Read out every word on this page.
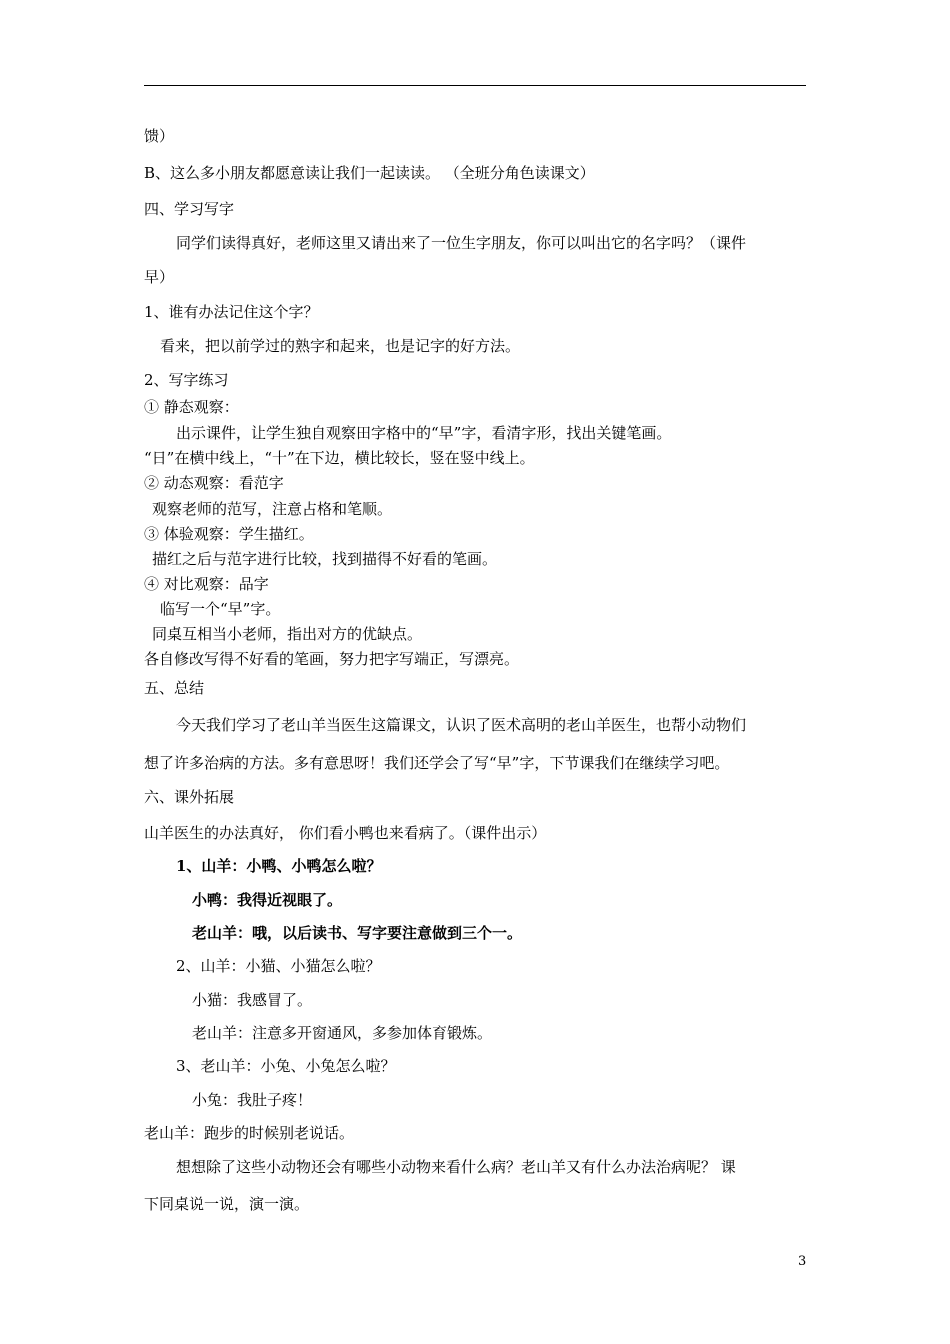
馈）
B、这么多小朋友都愿意读让我们一起读读。 （全班分角色读课文）
四、学习写字
同学们读得真好，老师这里又请出来了一位生字朋友，你可以叫出它的名字吗？（课件
早）
1、谁有办法记住这个字？
看来，把以前学过的熟字和起来，也是记字的好方法。
2、写字练习
① 静态观察：
出示课件，让学生独自观察田字格中的“早”字，看清字形，找出关键笔画。
“日”在横中线上，“十”在下边，横比较长，竖在竖中线上。
② 动态观察：看范字
观察老师的范写，注意占格和笔顺。
③ 体验观察：学生描红。
描红之后与范字进行比较，找到描得不好看的笔画。
④ 对比观察：品字
临写一个“早”字。
同桌互相当小老师，指出对方的优缺点。
各自修改写得不好看的笔画，努力把字写端正，写漂亮。
五、总结
今天我们学习了老山羊当医生这篇课文，认识了医术高明的老山羊医生，也帮小动物们
想了许多治病的方法。多有意思呀！我们还学会了写“早”字，下节课我们在继续学习吧。
六、课外拓展
山羊医生的办法真好， 你们看小鸭也来看病了。（课件出示）
1、山羊：小鸭、小鸭怎么啦？
小鸭：我得近视眼了。
老山羊：哦，以后读书、写字要注意做到三个一。
2、山羊：小猫、小猫怎么啦？
小猫：我感冒了。
老山羊：注意多开窗通风，多参加体育锻炼。
3、老山羊：小兔、小兔怎么啦？
小兔：我肚子疼！
老山羊：跑步的时候别老说话。
想想除了这些小动物还会有哪些小动物来看什么病？老山羊又有什么办法治病呢？ 课
下同桌说一说，演一演。
3
